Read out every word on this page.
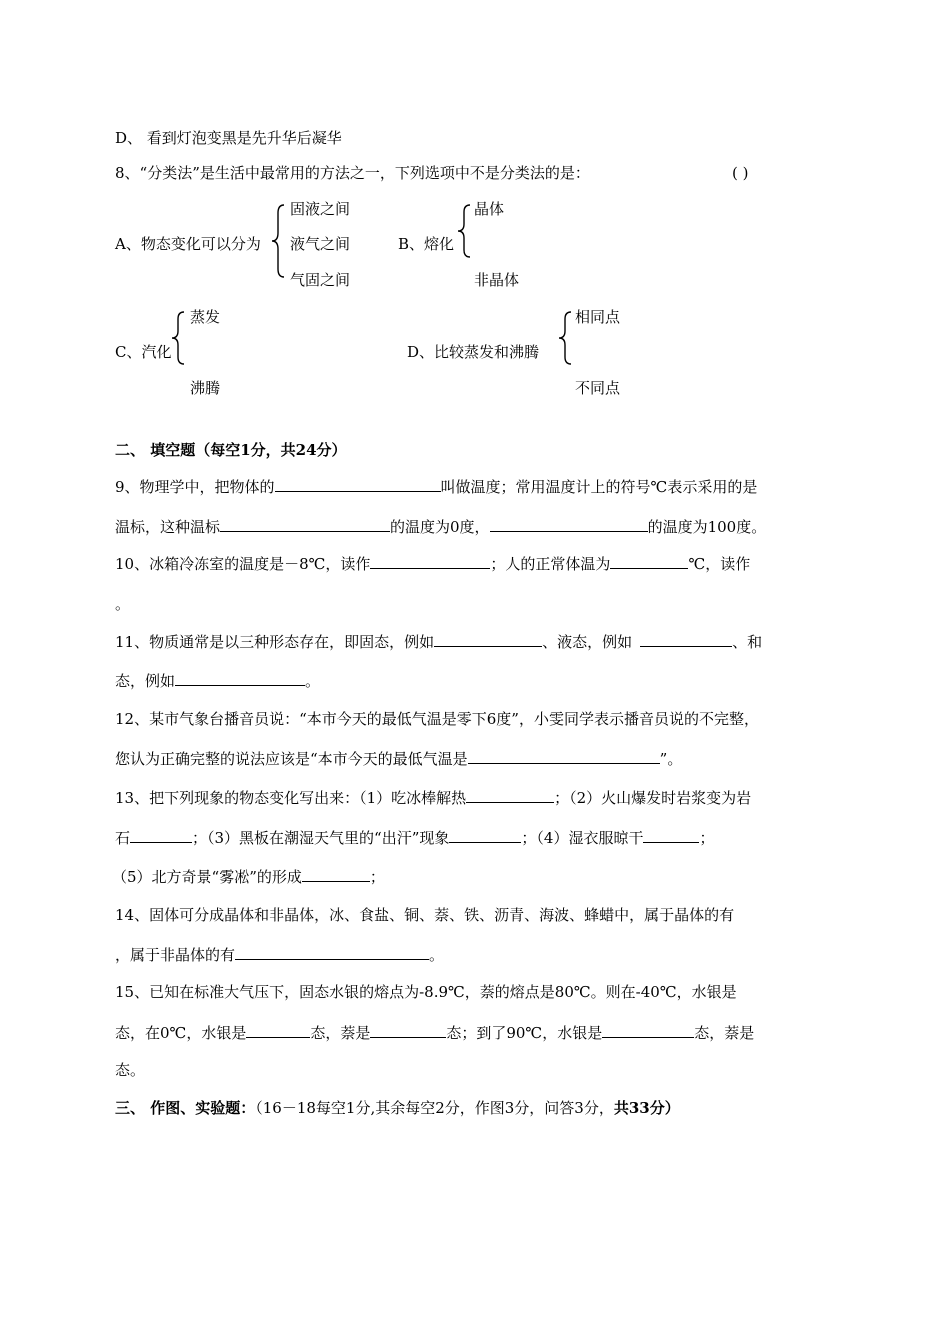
D、 看到灯泡变黑是先升华后凝华
8、“分类法”是生活中最常用的方法之一，下列选项中不是分类法的是：	( )
A、物态变化可以分为
固液之间
液气之间
气固之间
B、熔化
晶体
非晶体
C、汽化
蒸发
沸腾
D、比较蒸发和沸腾
相同点
不同点
二、 填空题（每空1分，共24分）
9、物理学中，把物体的	叫做温度；常用温度计上的符号℃表示采用的是
温标，这种温标	的温度为0度，	的温度为100度。
10、冰箱冷冻室的温度是－8℃，读作	；人的正常体温为	℃，读作
。
11、物质通常是以三种形态存在，即固态，例如	、液态，例如	、和
态，例如	。
12、某市气象台播音员说：“本市今天的最低气温是零下6度”，小雯同学表示播音员说的不完整，
您认为正确完整的说法应该是“本市今天的最低气温是	”。
13、把下列现象的物态变化写出来：（1）吃冰棒解热	；（2）火山爆发时岩浆变为岩
石	；（3）黑板在潮湿天气里的“出汗”现象	；（4）湿衣服晾干	；
（5）北方奇景“雾凇”的形成	；
14、固体可分成晶体和非晶体，冰、食盐、铜、萘、铁、沥青、海波、蜂蜡中，属于晶体的有
，属于非晶体的有	。
15、已知在标准大气压下，固态水银的熔点为-8.9℃，萘的熔点是80℃。则在-40℃，水银是
态，在0℃，水银是	态，萘是	态；到了90℃，水银是	态，萘是
态。
三、 作图、实验题：（16－18每空1分,其余每空2分，作图3分，问答3分，共33分）
